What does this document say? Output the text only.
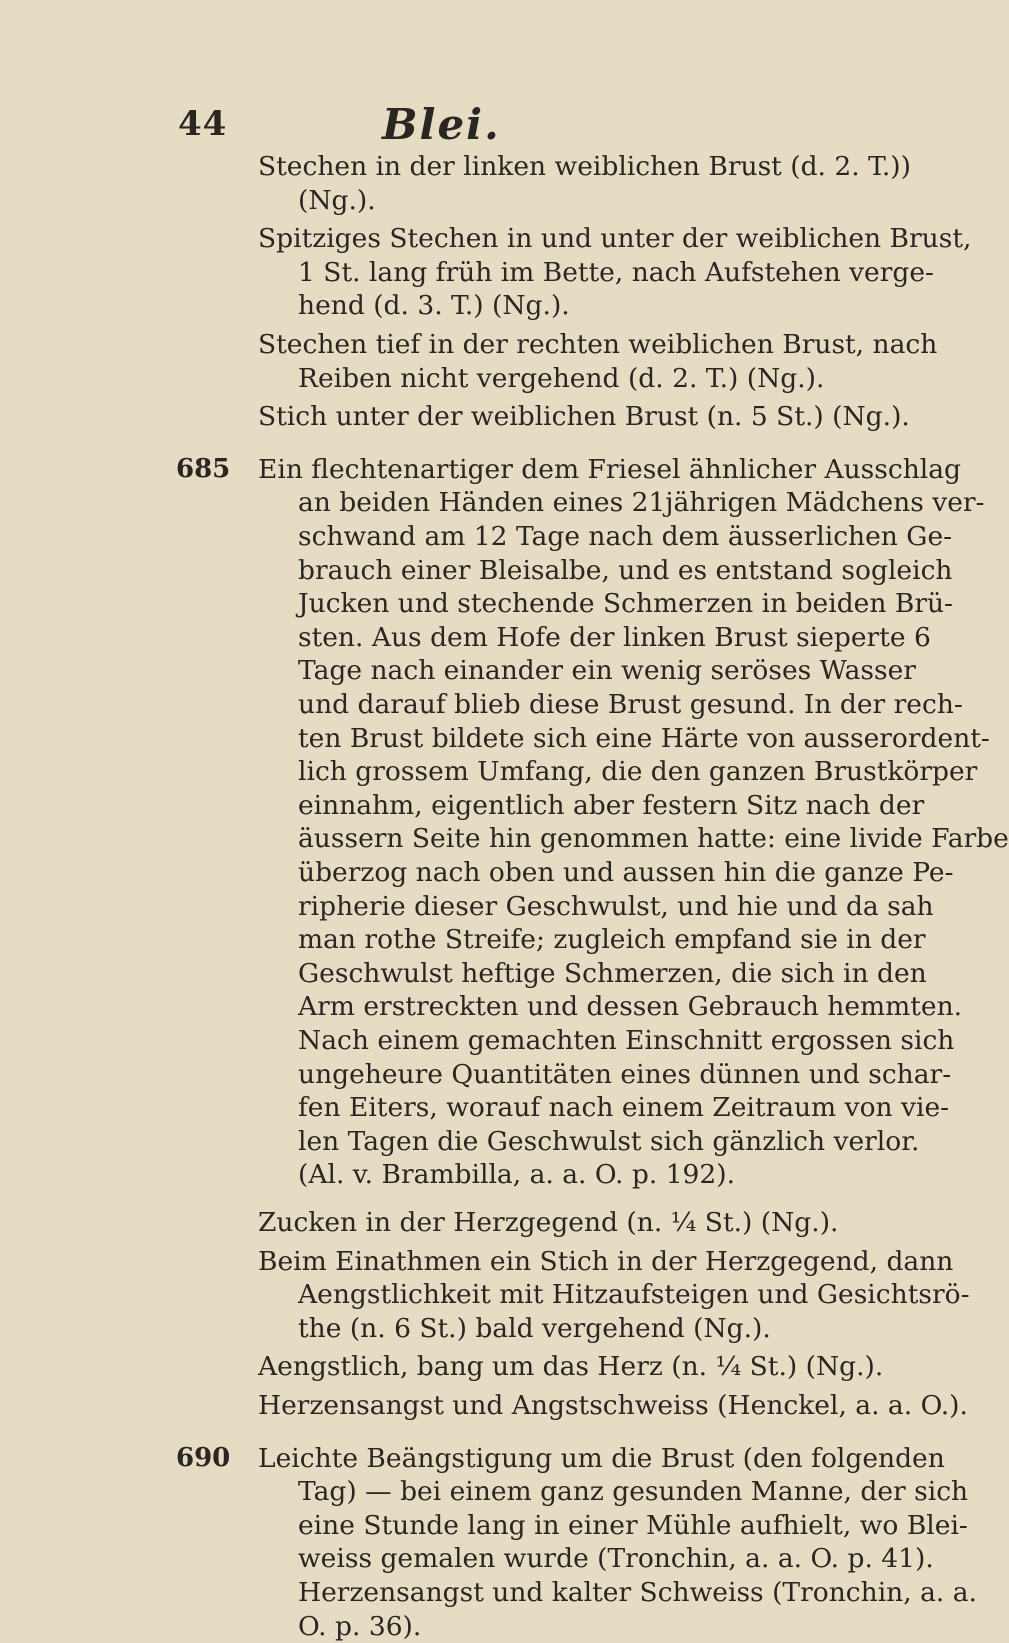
44	Blei.
Stechen in der linken weiblichen Brust (d. 2. T.))
(Ng.).
Spitziges Stechen in und unter der weiblichen Brust,
1 St. lang früh im Bette, nach Aufstehen verge-
hend (d. 3. T.) (Ng.).
Stechen tief in der rechten weiblichen Brust, nach
Reiben nicht vergehend (d. 2. T.) (Ng.).
Stich unter der weiblichen Brust (n. 5 St.) (Ng.).
685 Ein flechtenartiger dem Friesel ähnlicher Ausschlag
an beiden Händen eines 21jährigen Mädchens ver-
schwand am 12 Tage nach dem äusserlichen Ge-
brauch einer Bleisalbe, und es entstand sogleich
Jucken und stechende Schmerzen in beiden Brü-
sten. Aus dem Hofe der linken Brust sieperte 6
Tage nach einander ein wenig seröses Wasser
und darauf blieb diese Brust gesund. In der rech-
ten Brust bildete sich eine Härte von ausserordent-
lich grossem Umfang, die den ganzen Brustkörper
einnahm, eigentlich aber festern Sitz nach der
äussern Seite hin genommen hatte: eine livide Farbe
überzog nach oben und aussen hin die ganze Pe-
ripherie dieser Geschwulst, und hie und da sah
man rothe Streife; zugleich empfand sie in der
Geschwulst heftige Schmerzen, die sich in den
Arm erstreckten und dessen Gebrauch hemmten.
Nach einem gemachten Einschnitt ergossen sich
ungeheure Quantitäten eines dünnen und schar-
fen Eiters, worauf nach einem Zeitraum von vie-
len Tagen die Geschwulst sich gänzlich verlor.
(Al. v. Brambilla, a. a. O. p. 192).
Zucken in der Herzgegend (n. ¼ St.) (Ng.).
Beim Einathmen ein Stich in der Herzgegend, dann
Aengstlichkeit mit Hitzaufsteigen und Gesichtsrö-
the (n. 6 St.) bald vergehend (Ng.).
Aengstlich, bang um das Herz (n. ¼ St.) (Ng.).
Herzensangst und Angstschweiss (Henckel, a. a. O.).
690 Leichte Beängstigung um die Brust (den folgenden
Tag) — bei einem ganz gesunden Manne, der sich
eine Stunde lang in einer Mühle aufhielt, wo Blei-
weiss gemalen wurde (Tronchin, a. a. O. p. 41).
Herzensangst und kalter Schweiss (Tronchin, a. a.
O. p. 36).
